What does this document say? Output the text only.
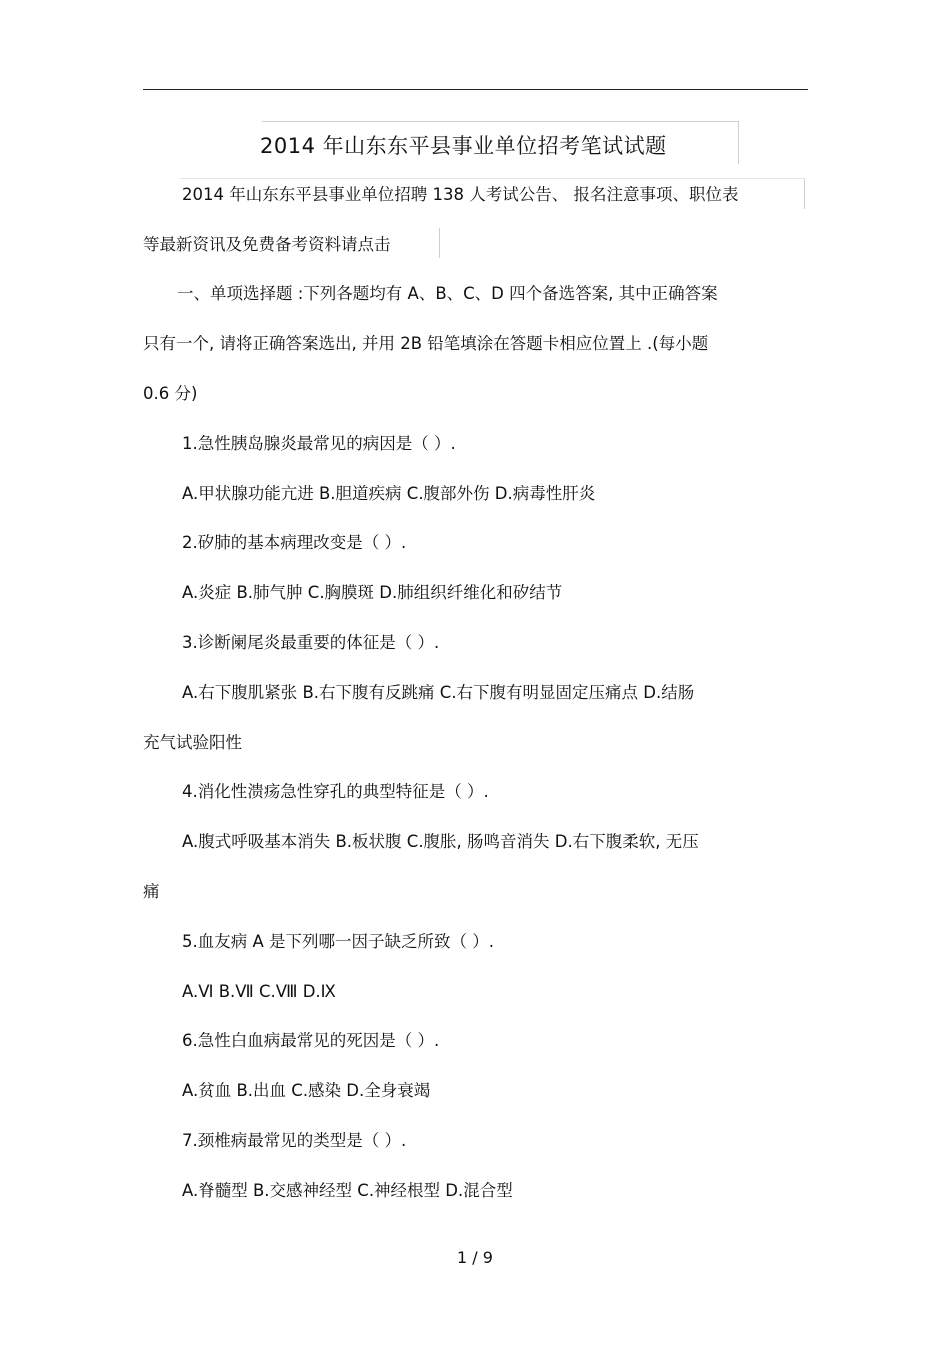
2014 年山东东平县事业单位招考笔试试题
2014 年山东东平县事业单位招聘 138 人考试公告、 报名注意事项、职位表
等最新资讯及免费备考资料请点击
一、单项选择题 :下列各题均有 A、B、C、D 四个备选答案, 其中正确答案
只有一个, 请将正确答案选出, 并用 2B 铅笔填涂在答题卡相应位置上 .(每小题
0.6 分)
1.急性胰岛腺炎最常见的病因是（ ）.
A.甲状腺功能亢进 B.胆道疾病 C.腹部外伤 D.病毒性肝炎
2.矽肺的基本病理改变是（ ）.
A.炎症 B.肺气肿 C.胸膜斑 D.肺组织纤维化和矽结节
3.诊断阑尾炎最重要的体征是（ ）.
A.右下腹肌紧张 B.右下腹有反跳痛 C.右下腹有明显固定压痛点 D.结肠
充气试验阳性
4.消化性溃疡急性穿孔的典型特征是（ ）.
A.腹式呼吸基本消失 B.板状腹 C.腹胀, 肠鸣音消失 D.右下腹柔软, 无压
痛
5.血友病 A 是下列哪一因子缺乏所致（ ）.
A.Ⅵ B.Ⅶ C.Ⅷ D.Ⅸ
6.急性白血病最常见的死因是（ ）.
A.贫血 B.出血 C.感染 D.全身衰竭
7.颈椎病最常见的类型是（ ）.
A.脊髓型 B.交感神经型 C.神经根型 D.混合型
1 / 9
